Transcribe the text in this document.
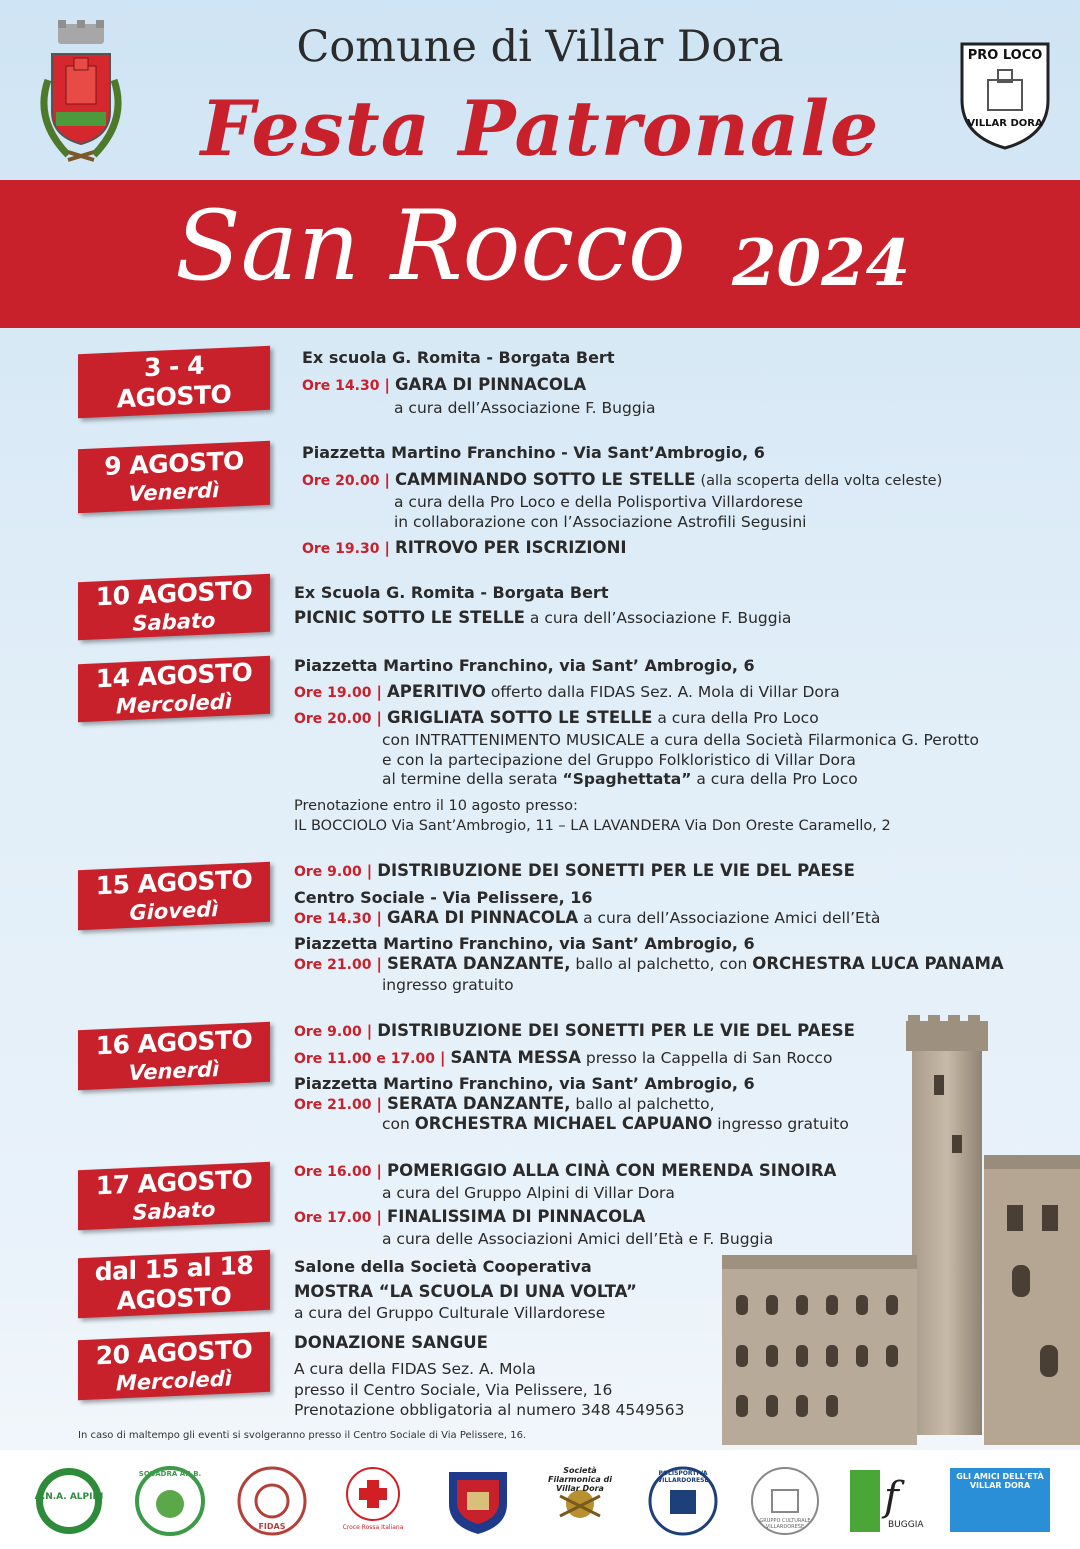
Comune di Villar Dora
Festa Patronale
PRO LOCO
VILLAR DORA
San Rocco 2024
3 - 4
AGOSTO
Ex scuola G. Romita - Borgata Bert
Ore 14.30 | GARA DI PINNACOLA
a cura dell’Associazione F. Buggia
9 AGOSTO
Venerdì
Piazzetta Martino Franchino - Via Sant’Ambrogio, 6
Ore 20.00 | CAMMINANDO SOTTO LE STELLE (alla scoperta della volta celeste)
a cura della Pro Loco e della Polisportiva Villardorese
in collaborazione con l’Associazione Astrofili Segusini
Ore 19.30 | RITROVO PER ISCRIZIONI
10 AGOSTO
Sabato
Ex Scuola G. Romita - Borgata Bert
PICNIC SOTTO LE STELLE a cura dell’Associazione F. Buggia
14 AGOSTO
Mercoledì
Piazzetta Martino Franchino, via Sant’ Ambrogio, 6
Ore 19.00 | APERITIVO offerto dalla FIDAS Sez. A. Mola di Villar Dora
Ore 20.00 | GRIGLIATA SOTTO LE STELLE a cura della Pro Loco
con INTRATTENIMENTO MUSICALE a cura della Società Filarmonica G. Perotto
e con la partecipazione del Gruppo Folkloristico di Villar Dora
al termine della serata “Spaghettata” a cura della Pro Loco
Prenotazione entro il 10 agosto presso:
IL BOCCIOLO Via Sant’Ambrogio, 11 – LA LAVANDERA Via Don Oreste Caramello, 2
15 AGOSTO
Giovedì
Ore 9.00 | DISTRIBUZIONE DEI SONETTI PER LE VIE DEL PAESE
Centro Sociale - Via Pelissere, 16
Ore 14.30 | GARA DI PINNACOLA a cura dell’Associazione Amici dell’Età
Piazzetta Martino Franchino, via Sant’ Ambrogio, 6
Ore 21.00 | SERATA DANZANTE, ballo al palchetto, con ORCHESTRA LUCA PANAMA
ingresso gratuito
16 AGOSTO
Venerdì
Ore 9.00 | DISTRIBUZIONE DEI SONETTI PER LE VIE DEL PAESE
Ore 11.00 e 17.00 | SANTA MESSA presso la Cappella di San Rocco
Piazzetta Martino Franchino, via Sant’ Ambrogio, 6
Ore 21.00 | SERATA DANZANTE, ballo al palchetto,
con ORCHESTRA MICHAEL CAPUANO ingresso gratuito
17 AGOSTO
Sabato
Ore 16.00 | POMERIGGIO ALLA CINÀ CON MERENDA SINOIRA
a cura del Gruppo Alpini di Villar Dora
Ore 17.00 | FINALISSIMA DI PINNACOLA
a cura delle Associazioni Amici dell’Età e F. Buggia
dal 15 al 18
AGOSTO
Salone della Società Cooperativa
MOSTRA “LA SCUOLA DI UNA VOLTA”
a cura del Gruppo Culturale Villardorese
20 AGOSTO
Mercoledì
DONAZIONE SANGUE
A cura della FIDAS Sez. A. Mola
presso il Centro Sociale, Via Pelissere, 16
Prenotazione obbligatoria al numero 348 4549563
In caso di maltempo gli eventi si svolgeranno presso il Centro Sociale di Via Pelissere, 16.
A.N.A. ALPINI
SQUADRA A.I.B.
FIDAS	Croce Rossa Italiana
Società Filarmonica di Villar Dora
POLISPORTIVA VILLARDORESE
GRUPPO CULTURALE VILLARDORESE
f
BUGGIA
GLI AMICI DELL'ETÀ VILLAR DORA
